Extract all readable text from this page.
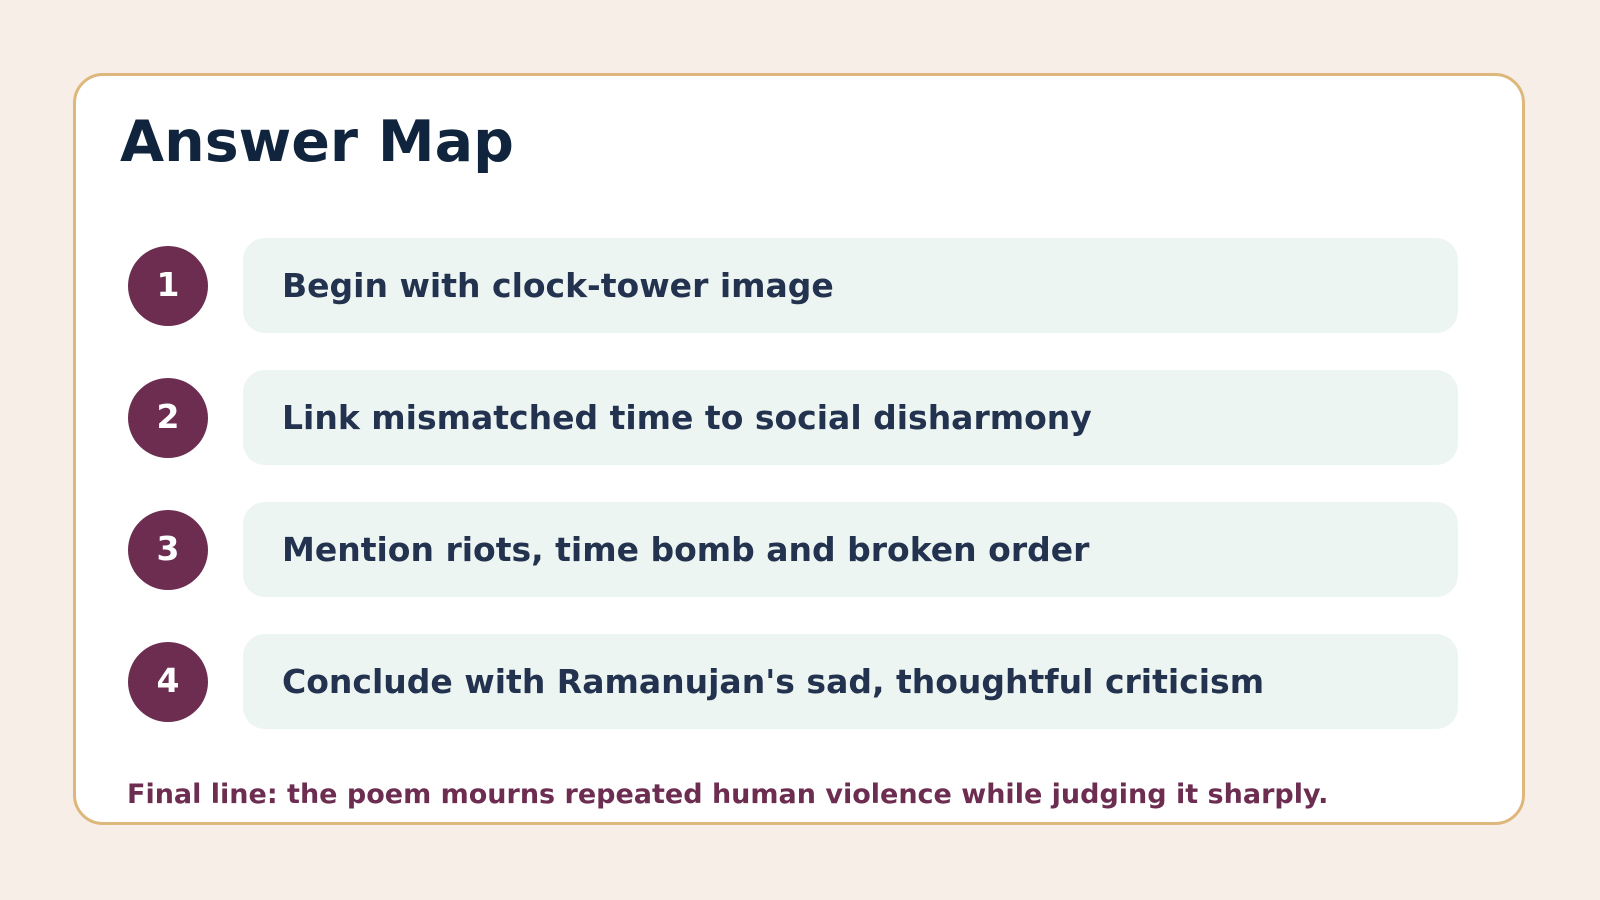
Answer Map
1	Begin with clock-tower image
2	Link mismatched time to social disharmony
3	Mention riots, time bomb and broken order
4	Conclude with Ramanujan's sad, thoughtful criticism

Final line: the poem mourns repeated human violence while judging it sharply.
